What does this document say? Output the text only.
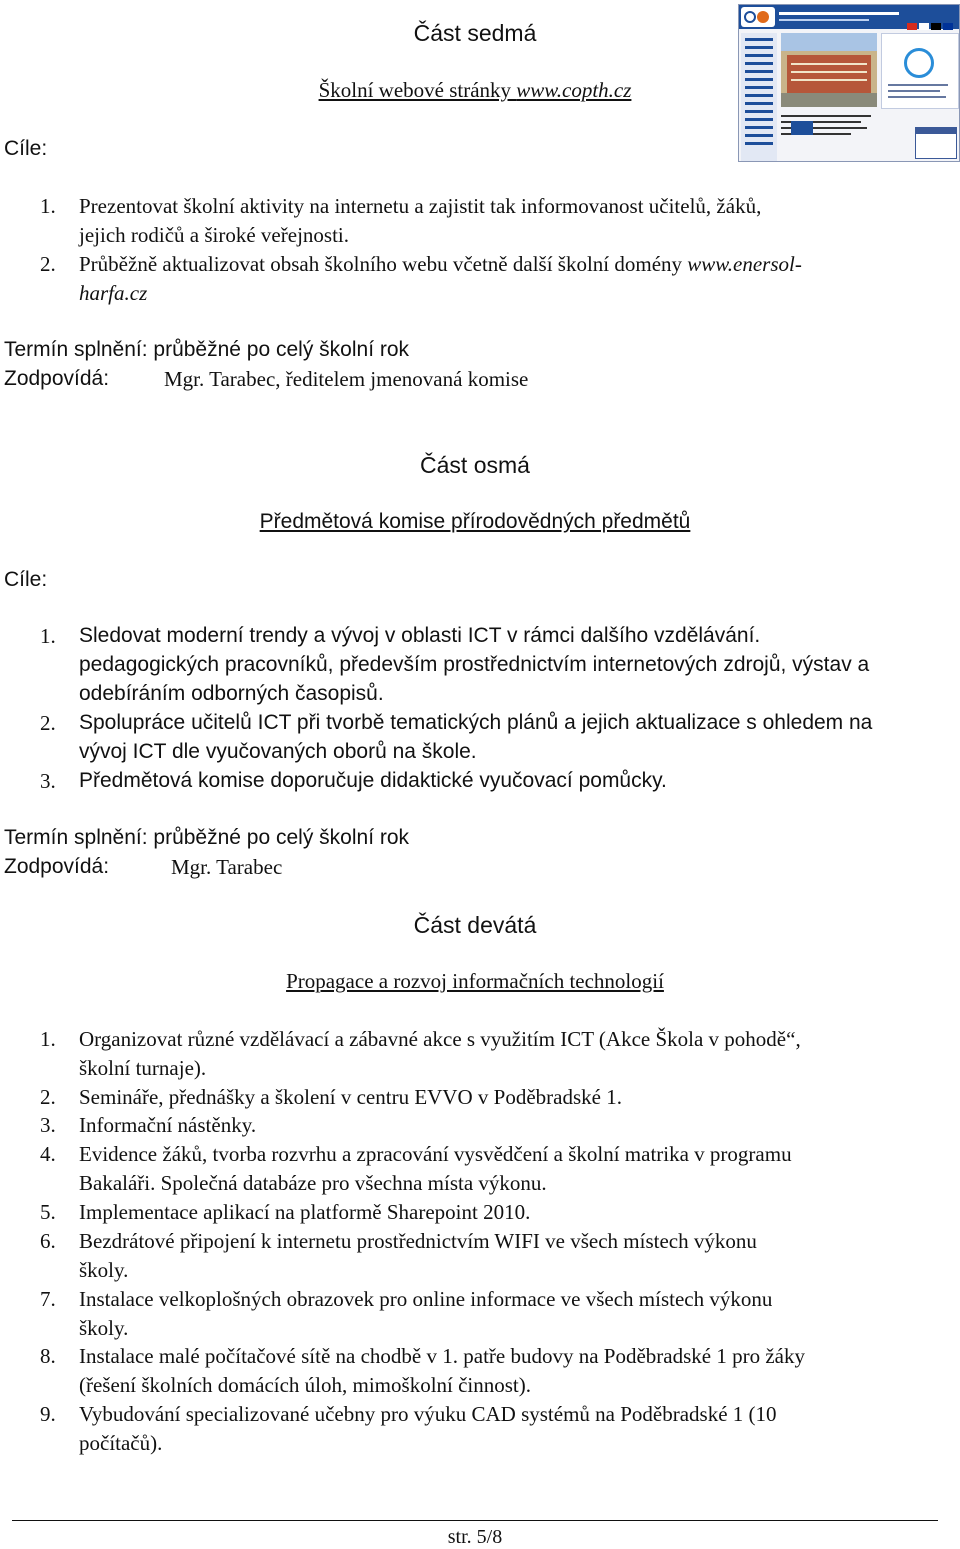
Část sedmá
Školní webové stránky www.copth.cz
Cíle:
1. Prezentovat školní aktivity na internetu a zajistit tak informovanost učitelů, žáků,
jejich rodičů a široké veřejnosti.
2. Průběžně aktualizovat obsah školního webu včetně další školní domény www.enersol-
harfa.cz
Termín splnění: průběžné po celý školní rok
Zodpovídá:	Mgr. Tarabec, ředitelem jmenovaná komise
Část osmá
Předmětová komise přírodovědných předmětů
Cíle:
1. Sledovat moderní trendy a vývoj v oblasti ICT v rámci dalšího vzdělávání.
pedagogických pracovníků, především prostřednictvím internetových zdrojů, výstav a
odebíráním odborných časopisů.
2. Spolupráce učitelů ICT při tvorbě tematických plánů a jejich aktualizace s ohledem na
vývoj ICT dle vyučovaných oborů na škole.
3. Předmětová komise doporučuje didaktické vyučovací pomůcky.
Termín splnění: průběžné po celý školní rok
Zodpovídá:	Mgr. Tarabec
Část devátá
Propagace a rozvoj informačních technologií
1. Organizovat různé vzdělávací a zábavné akce s využitím ICT (Akce Škola v pohodě“,
školní turnaje).
2. Semináře, přednášky a školení v centru EVVO v Poděbradské 1.
3. Informační nástěnky.
4. Evidence žáků, tvorba rozvrhu a zpracování vysvědčení a školní matrika v programu
Bakaláři. Společná databáze pro všechna místa výkonu.
5. Implementace aplikací na platformě Sharepoint 2010.
6. Bezdrátové připojení k internetu prostřednictvím WIFI ve všech místech výkonu
školy.
7. Instalace velkoplošných obrazovek pro online informace ve všech místech výkonu
školy.
8. Instalace malé počítačové sítě na chodbě v 1. patře budovy na Poděbradské 1 pro žáky
(řešení školních domácích úloh, mimoškolní činnost).
9. Vybudování specializované učebny pro výuku CAD systémů na Poděbradské 1 (10
počítačů).
str. 5/8
